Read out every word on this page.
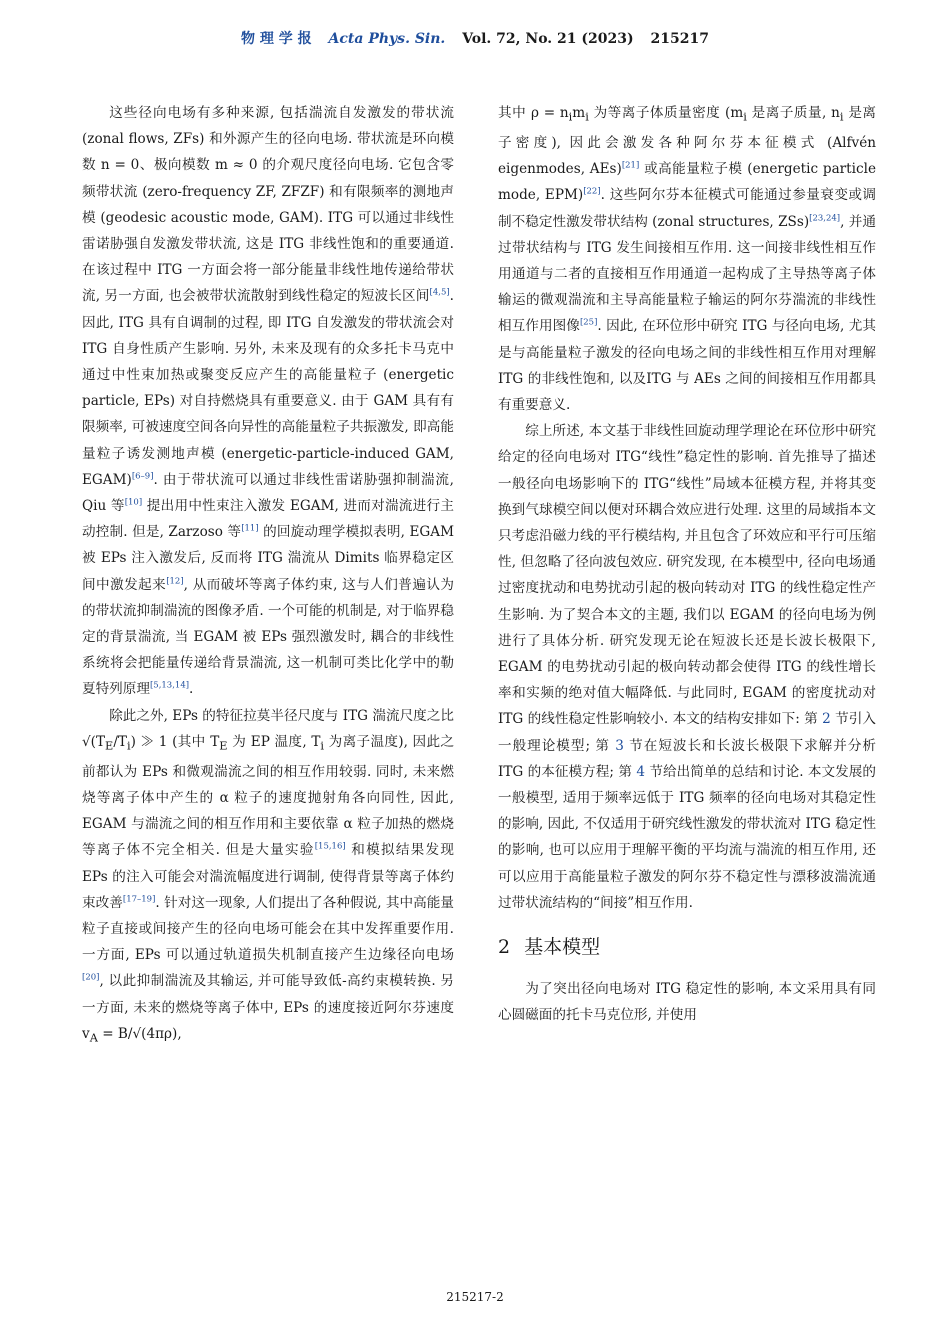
物 理 学 报 Acta Phys. Sin. Vol. 72, No. 21 (2023) 215217

这些径向电场有多种来源, 包括湍流自发激发的带状流 (zonal flows, ZFs) 和外源产生的径向电场. 带状流是环向模数 n = 0、极向模数 m ≈ 0 的介观尺度径向电场. 它包含零频带状流 (zero-frequency ZF, ZFZF) 和有限频率的测地声模 (geodesic acoustic mode, GAM). ITG 可以通过非线性雷诺胁强自发激发带状流, 这是 ITG 非线性饱和的重要通道. 在该过程中 ITG 一方面会将一部分能量非线性地传递给带状流, 另一方面, 也会被带状流散射到线性稳定的短波长区间[4,5]. 因此, ITG 具有自调制的过程, 即 ITG 自发激发的带状流会对 ITG 自身性质产生影响. 另外, 未来及现有的众多托卡马克中通过中性束加热或聚变反应产生的高能量粒子 (energetic particle, EPs) 对自持燃烧具有重要意义. 由于 GAM 具有有限频率, 可被速度空间各向异性的高能量粒子共振激发, 即高能量粒子诱发测地声模 (energetic-particle-induced GAM, EGAM)[6–9]. 由于带状流可以通过非线性雷诺胁强抑制湍流, Qiu 等[10] 提出用中性束注入激发 EGAM, 进而对湍流进行主动控制. 但是, Zarzoso 等[11] 的回旋动理学模拟表明, EGAM 被 EPs 注入激发后, 反而将 ITG 湍流从 Dimits 临界稳定区间中激发起来[12], 从而破坏等离子体约束, 这与人们普遍认为的带状流抑制湍流的图像矛盾. 一个可能的机制是, 对于临界稳定的背景湍流, 当 EGAM 被 EPs 强烈激发时, 耦合的非线性系统将会把能量传递给背景湍流, 这一机制可类比化学中的勒夏特列原理[5,13,14].

除此之外, EPs 的特征拉莫半径尺度与 ITG 湍流尺度之比 $√(T_E/T_i)$ ≫ 1 (其中 $T_E$ 为 EP 温度, $T_i$ 为离子温度), 因此之前都认为 EPs 和微观湍流之间的相互作用较弱. 同时, 未来燃烧等离子体中产生的 α 粒子的速度抛射角各向同性, 因此, EGAM 与湍流之间的相互作用和主要依靠 α 粒子加热的燃烧等离子体不完全相关. 但是大量实验[15,16] 和模拟结果发现 EPs 的注入可能会对湍流幅度进行调制, 使得背景等离子体约束改善[17–19]. 针对这一现象, 人们提出了各种假说, 其中高能量粒子直接或间接产生的径向电场可能会在其中发挥重要作用. 一方面, EPs 可以通过轨道损失机制直接产生边缘径向电场[20], 以此抑制湍流及其输运, 并可能导致低-高约束模转换. 另一方面, 未来的燃烧等离子体中, EPs 的速度接近阿尔芬速度 $v_A = B/√(4\pi\rho)$,

其中 $\rho = n_im_i$ 为等离子体质量密度 ($m_i$ 是离子质量, $n_i$ 是离子密度), 因此会激发各种阿尔芬本征模式 (Alfvén eigenmodes, AEs)[21] 或高能量粒子模 (energetic particle mode, EPM)[22]. 这些阿尔芬本征模式可能通过参量衰变或调制不稳定性激发带状结构 (zonal structures, ZSs)[23,24], 并通过带状结构与 ITG 发生间接相互作用. 这一间接非线性相互作用通道与二者的直接相互作用通道一起构成了主导热等离子体输运的微观湍流和主导高能量粒子输运的阿尔芬湍流的非线性相互作用图像[25]. 因此, 在环位形中研究 ITG 与径向电场, 尤其是与高能量粒子激发的径向电场之间的非线性相互作用对理解 ITG 的非线性饱和, 以及ITG 与 AEs 之间的间接相互作用都具有重要意义.

综上所述, 本文基于非线性回旋动理学理论在环位形中研究给定的径向电场对 ITG“线性”稳定性的影响. 首先推导了描述一般径向电场影响下的 ITG“线性”局域本征模方程, 并将其变换到气球模空间以便对环耦合效应进行处理. 这里的局域指本文只考虑沿磁力线的平行模结构, 并且包含了环效应和平行可压缩性, 但忽略了径向波包效应. 研究发现, 在本模型中, 径向电场通过密度扰动和电势扰动引起的极向转动对 ITG 的线性稳定性产生影响. 为了契合本文的主题, 我们以 EGAM 的径向电场为例进行了具体分析. 研究发现无论在短波长还是长波长极限下, EGAM 的电势扰动引起的极向转动都会使得 ITG 的线性增长率和实频的绝对值大幅降低. 与此同时, EGAM 的密度扰动对 ITG 的线性稳定性影响较小. 本文的结构安排如下: 第 2 节引入一般理论模型; 第 3 节在短波长和长波长极限下求解并分析 ITG 的本征模方程; 第 4 节给出简单的总结和讨论. 本文发展的一般模型, 适用于频率远低于 ITG 频率的径向电场对其稳定性的影响, 因此, 不仅适用于研究线性激发的带状流对 ITG 稳定性的影响, 也可以应用于理解平衡的平均流与湍流的相互作用, 还可以应用于高能量粒子激发的阿尔芬不稳定性与漂移波湍流通过带状流结构的“间接”相互作用.

2 基本模型

为了突出径向电场对 ITG 稳定性的影响, 本文采用具有同心圆磁面的托卡马克位形, 并使用

215217-2
